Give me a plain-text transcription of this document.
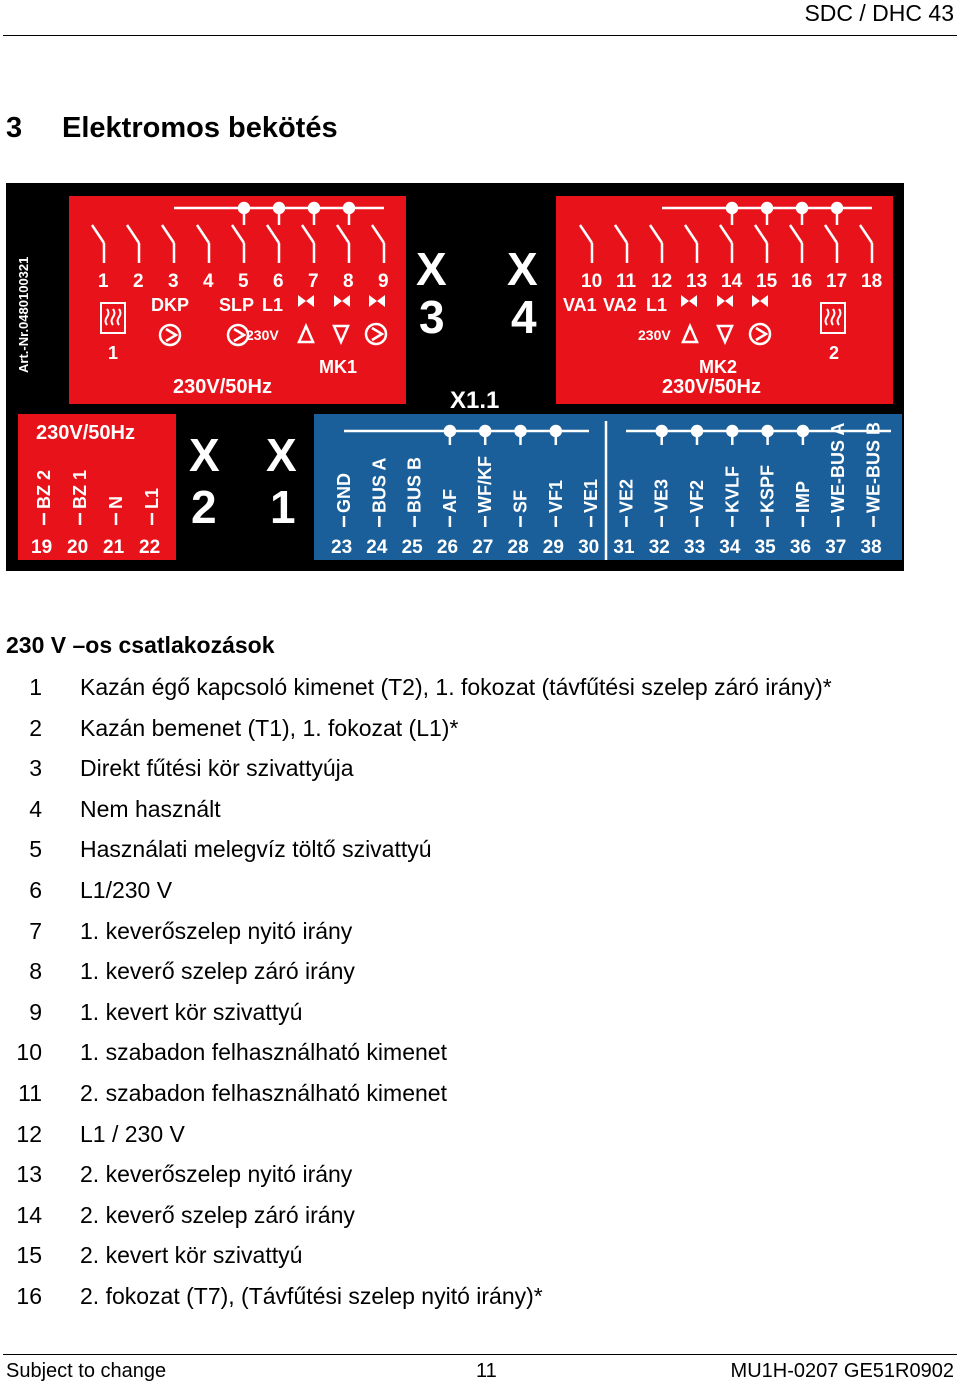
SDC / DHC 43
3 Elektromos bekötés
1 2 3 4 5 6 7 8 9
DKP SLP L1
230V
1
MK1
230V/50Hz
10 11 12 13 14 15 16 17 18
VA1 VA2 L1
230V
2
MK2
230V/50Hz
X
3
X
4
X
2
X
1
X1.1
Art.-Nr.0480100321
230V/50Hz
BZ 2
19
BZ 1
20
N
21
L1
22
GND
23
BUS A
24
BUS B
25
AF
26
WF/KF
27
SF
28
VF1
29
VE1
30
VE2
31
VE3
32
VF2
33
KVLF
34
KSPF
35
IMP
36
WE-BUS A
37
WE-BUS B
38
230 V –os csatlakozások
1 Kazán égő kapcsoló kimenet (T2), 1. fokozat (távfűtési szelep záró irány)*
2 Kazán bemenet (T1), 1. fokozat (L1)*
3 Direkt fűtési kör szivattyúja
4 Nem használt
5 Használati melegvíz töltő szivattyú
6 L1/230 V
7 1. keverőszelep nyitó irány
8 1. keverő szelep záró irány
9 1. kevert kör szivattyú
10 1. szabadon felhasználható kimenet
11 2. szabadon felhasználható kimenet
12 L1 / 230 V
13 2. keverőszelep nyitó irány
14 2. keverő szelep záró irány
15 2. kevert kör szivattyú
16 2. fokozat (T7), (Távfűtési szelep nyitó irány)*
Subject to change	11	MU1H-0207 GE51R0902
